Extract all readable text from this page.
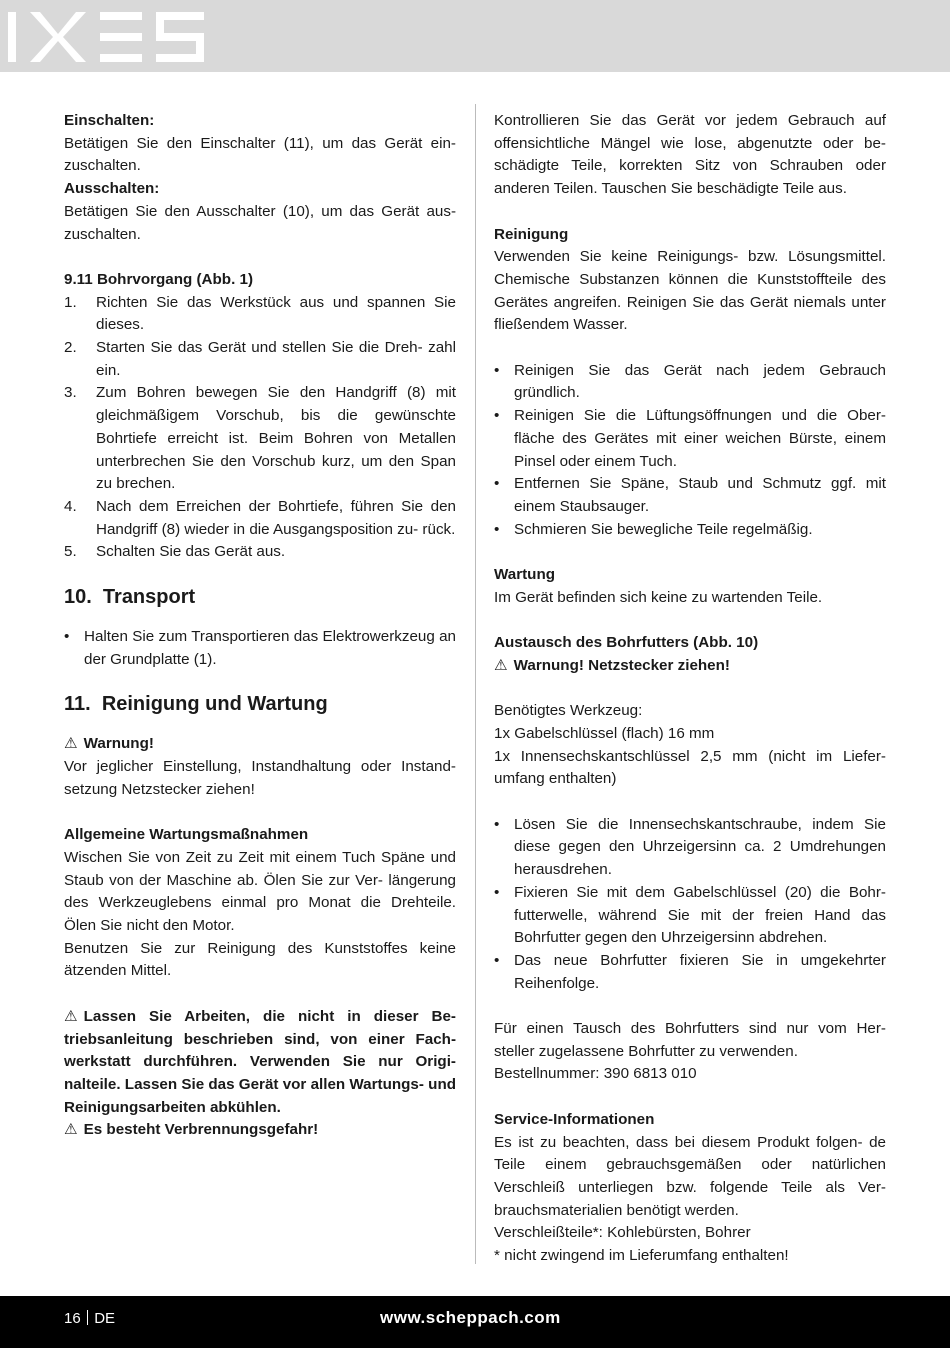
Einschalten:

Betätigen Sie den Einschalter (11), um das Gerät ein- zuschalten.

Ausschalten:

Betätigen Sie den Ausschalter (10), um das Gerät aus- zuschalten.

9.11 Bohrvorgang (Abb. 1)

1. Richten Sie das Werkstück aus und spannen Sie dieses.
2. Starten Sie das Gerät und stellen Sie die Dreh- zahl ein.
3. Zum Bohren bewegen Sie den Handgriff (8) mit gleichmäßigem Vorschub, bis die gewünschte Bohrtiefe erreicht ist. Beim Bohren von Metallen unterbrechen Sie den Vorschub kurz, um den Span zu brechen.
4. Nach dem Erreichen der Bohrtiefe, führen Sie den Handgriff (8) wieder in die Ausgangsposition zu- rück.
5. Schalten Sie das Gerät aus.

10.  Transport

• Halten Sie zum Transportieren das Elektrowerkzeug an der Grundplatte (1).

11.  Reinigung und Wartung

⚠ Warnung!

Vor jeglicher Einstellung, Instandhaltung oder Instand- setzung Netzstecker ziehen!

Allgemeine Wartungsmaßnahmen

Wischen Sie von Zeit zu Zeit mit einem Tuch Späne und Staub von der Maschine ab. Ölen Sie zur Ver- längerung des Werkzeuglebens einmal pro Monat die Drehteile. Ölen Sie nicht den Motor.

Benutzen Sie zur Reinigung des Kunststoffes keine ätzenden Mittel.

⚠ Lassen Sie Arbeiten, die nicht in dieser Be- triebsanleitung beschrieben sind, von einer Fach- werkstatt durchführen. Verwenden Sie nur Origi- nalteile. Lassen Sie das Gerät vor allen Wartungs- und Reinigungsarbeiten abkühlen.

⚠ Es besteht Verbrennungsgefahr!

Kontrollieren Sie das Gerät vor jedem Gebrauch auf offensichtliche Mängel wie lose, abgenutzte oder be- schädigte Teile, korrekten Sitz von Schrauben oder anderen Teilen. Tauschen Sie beschädigte Teile aus.

Reinigung

Verwenden Sie keine Reinigungs- bzw. Lösungsmittel. Chemische Substanzen können die Kunststoffteile des Gerätes angreifen. Reinigen Sie das Gerät niemals unter fließendem Wasser.

• Reinigen Sie das Gerät nach jedem Gebrauch gründlich.
• Reinigen Sie die Lüftungsöffnungen und die Ober- fläche des Gerätes mit einer weichen Bürste, einem Pinsel oder einem Tuch.
• Entfernen Sie Späne, Staub und Schmutz ggf. mit einem Staubsauger.
• Schmieren Sie bewegliche Teile regelmäßig.

Wartung

Im Gerät befinden sich keine zu wartenden Teile.

Austausch des Bohrfutters (Abb. 10)

⚠ Warnung! Netzstecker ziehen!

Benötigtes Werkzeug:

1x Gabelschlüssel (flach) 16 mm

1x Innensechskantschlüssel 2,5 mm (nicht im Liefer- umfang enthalten)

• Lösen Sie die Innensechskantschraube, indem Sie diese gegen den Uhrzeigersinn ca. 2 Umdrehungen herausdrehen.
• Fixieren Sie mit dem Gabelschlüssel (20) die Bohr- futterwelle, während Sie mit der freien Hand das Bohrfutter gegen den Uhrzeigersinn abdrehen.
• Das neue Bohrfutter fixieren Sie in umgekehrter Reihenfolge.

Für einen Tausch des Bohrfutters sind nur vom Her- steller zugelassene Bohrfutter zu verwenden.

Bestellnummer: 390 6813 010

Service-Informationen

Es ist zu beachten, dass bei diesem Produkt folgen- de Teile einem gebrauchsgemäßen oder natürlichen Verschleiß unterliegen bzw. folgende Teile als Ver- brauchsmaterialien benötigt werden.

Verschleißteile*: Kohlebürsten, Bohrer

* nicht zwingend im Lieferumfang enthalten!

16 DE	www.scheppach.com
